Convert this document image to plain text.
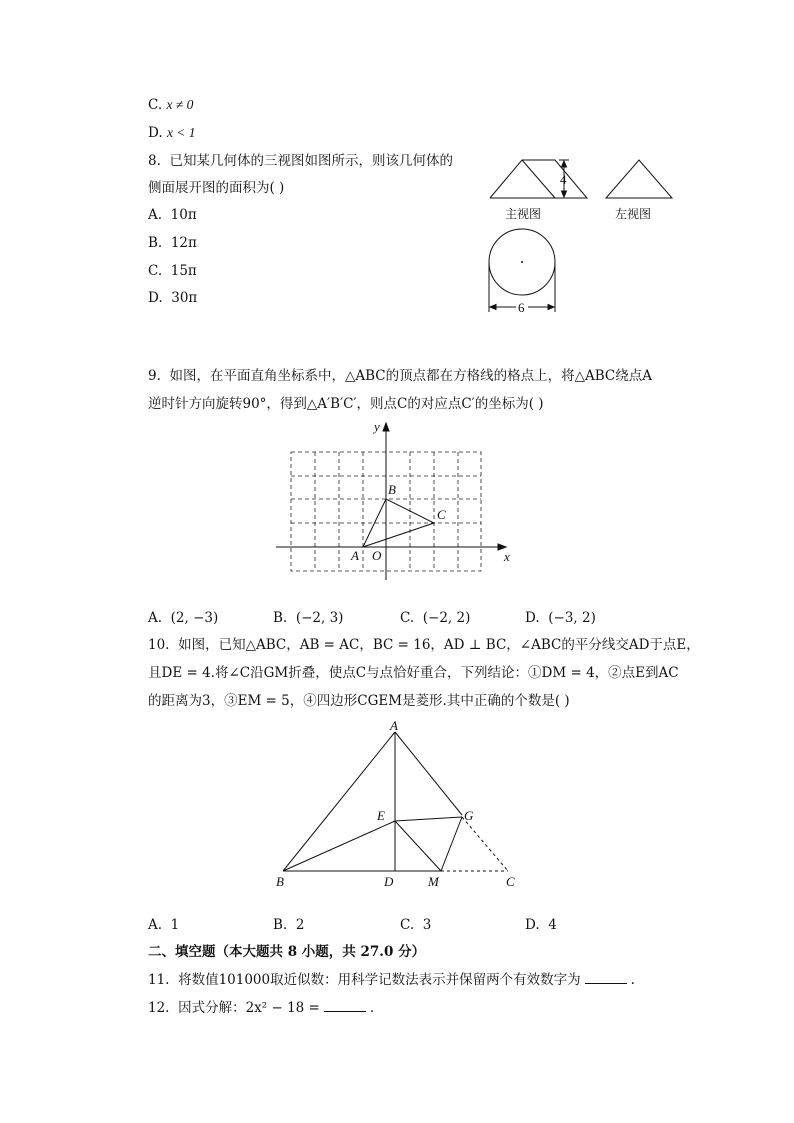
C. x ≠ 0
D. x < 1
8. 已知某几何体的三视图如图所示，则该几何体的
侧面展开图的面积为( )
A. 10π
B. 12π
C. 15π
D. 30π
4
主视图	左视图
6
9. 如图，在平面直角坐标系中，△ABC的顶点都在方格线的格点上，将△ABC绕点A
逆时针方向旋转90°，得到△A′B′C′，则点C的对应点C′的坐标为( )
x
y
O
A
B
C
A. (2, −3)	B. (−2, 3)	C. (−2, 2)	D. (−3, 2)
10. 如图，已知△ABC，AB = AC，BC = 16，AD ⊥ BC，∠ABC的平分线交AD于点E，
且DE = 4.将∠C沿GM折叠，使点C与点恰好重合，下列结论：①DM = 4，②点E到AC
的距离为3，③EM = 5，④四边形CGEM是菱形.其中正确的个数是( )
A
B	C
D
E	G
M
A. 1	B. 2	C. 3	D. 4
二、填空题（本大题共 8 小题，共 27.0 分）
11. 将数值101000取近似数：用科学记数法表示并保留两个有效数字为	.
12. 因式分解：2x² − 18 =	.
